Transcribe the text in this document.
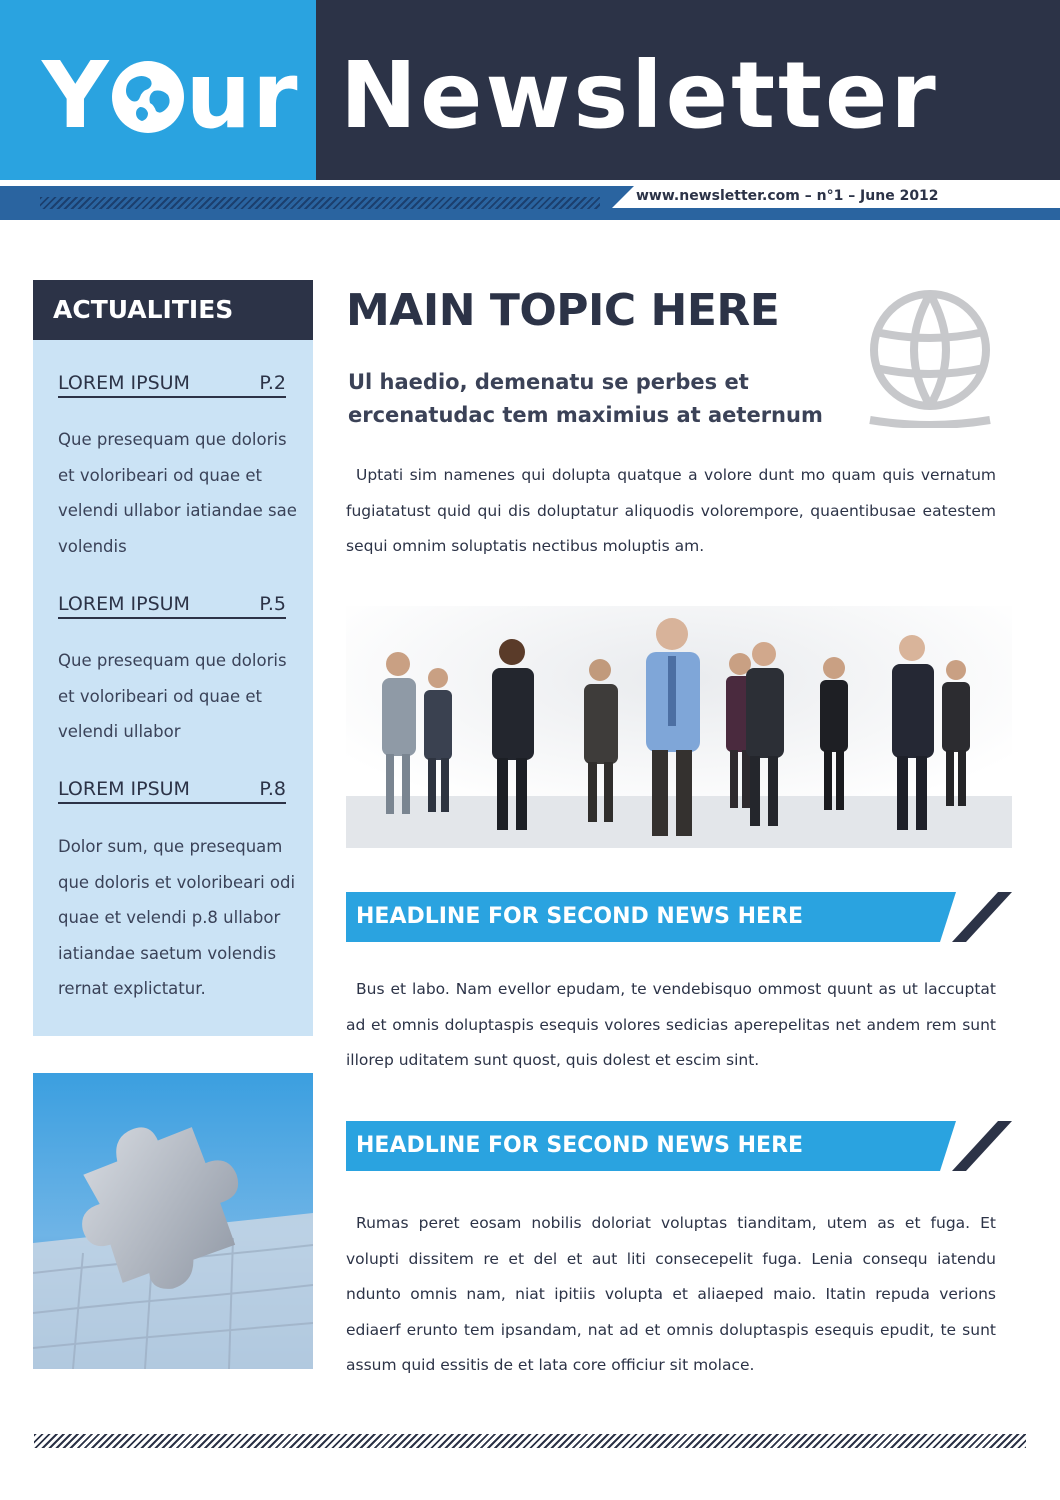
Y ur Newsletter
www.newsletter.com – n°1 – June 2012
ACTUALITIES
LOREM IPSUM	P.2
Que presequam que doloris et voloribeari od quae et velendi ullabor iatiandae sae volendis
LOREM IPSUM	P.5
Que presequam que doloris et voloribeari od quae et velendi ullabor
LOREM IPSUM	P.8
Dolor sum, que presequam que doloris et voloribeari odi quae et velendi p.8 ullabor iatiandae saetum volendis rernat explictatur.
MAIN TOPIC HERE
Ul haedio, demenatu se perbes et ercenatudac tem maximius at aeternum
Uptati sim namenes qui dolupta quatque a volore dunt mo quam quis vernatum fugiatatust quid qui dis doluptatur aliquodis volorempore, quaentibusae eatestem sequi omnim soluptatis nectibus moluptis am.
HEADLINE FOR SECOND NEWS HERE
Bus et labo. Nam evellor epudam, te vendebisquo ommost quunt as ut laccuptat ad et omnis doluptaspis esequis volores sedicias aperepelitas net andem rem sunt illorep uditatem sunt quost, quis dolest et escim sint.
HEADLINE FOR SECOND NEWS HERE
Rumas peret eosam nobilis doloriat voluptas tianditam, utem as et fuga. Et volupti dissitem re et del et aut liti consecepelit fuga. Lenia consequ iatendu ndunto omnis nam, niat ipitiis volupta et aliaeped maio. Itatin repuda verions ediaerf erunto tem ipsandam, nat ad et omnis doluptaspis esequis epudit, te sunt assum quid essitis de et lata core officiur sit molace.
